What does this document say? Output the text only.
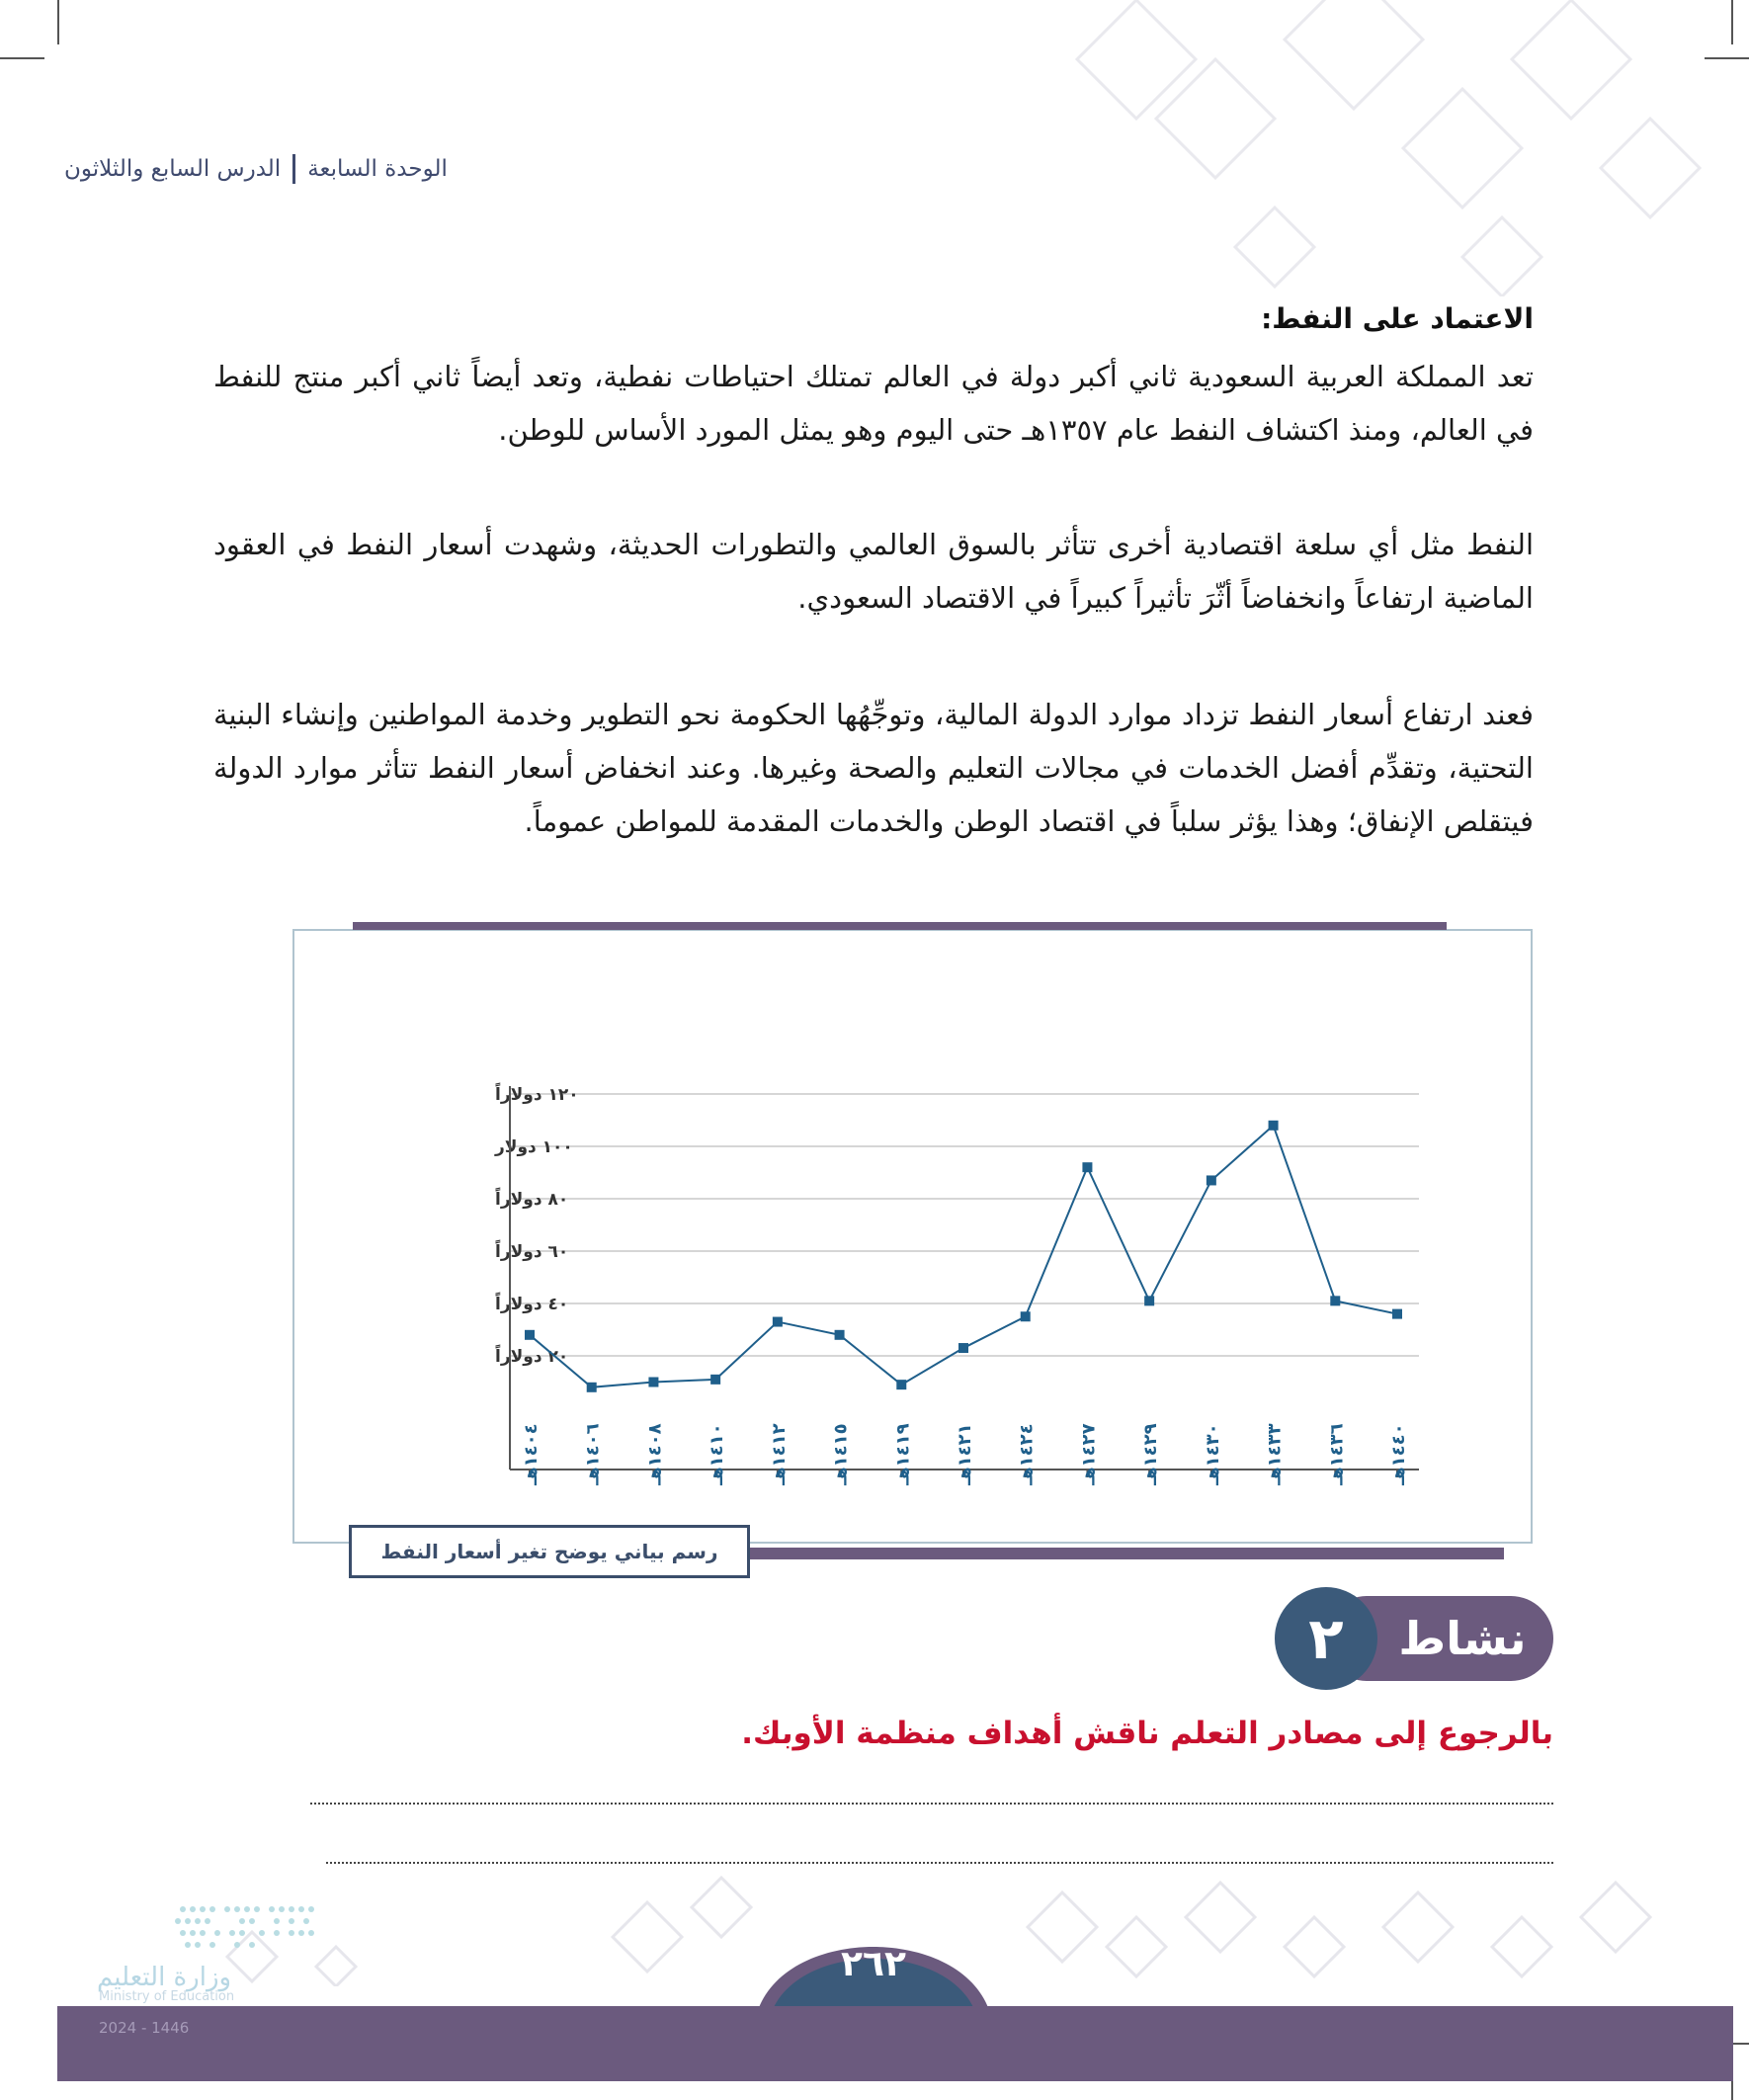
الوحدة السابعة
الدرس السابع والثلاثون
الاعتماد على النفط:
تعد المملكة العربية السعودية ثاني أكبر دولة في العالم تمتلك احتياطات نفطية، وتعد أيضاً ثاني أكبر منتج للنفط في العالم، ومنذ اكتشاف النفط عام ١٣٥٧هـ حتى اليوم وهو يمثل المورد الأساس للوطن.
النفط مثل أي سلعة اقتصادية أخرى تتأثر بالسوق العالمي والتطورات الحديثة، وشهدت أسعار النفط في العقود الماضية ارتفاعاً وانخفاضاً أثّرَ تأثيراً كبيراً في الاقتصاد السعودي.
فعند ارتفاع أسعار النفط تزداد موارد الدولة المالية، وتوجِّهُها الحكومة نحو التطوير وخدمة المواطنين وإنشاء البنية التحتية، وتقدِّم أفضل الخدمات في مجالات التعليم والصحة وغيرها. وعند انخفاض أسعار النفط تتأثر موارد الدولة فيتقلص الإنفاق؛ وهذا يؤثر سلباً في اقتصاد الوطن والخدمات المقدمة للمواطن عموماً.
٢٠ دولاراً
٤٠ دولاراً
٦٠ دولاراً
٨٠ دولاراً
١٠٠ دولار
١٢٠ دولاراً
١٤٠٤هـ
١٤٠٦هـ
١٤٠٨هـ
١٤١٠هـ
١٤١٢هـ
١٤١٥هـ
١٤١٩هـ
١٤٢١هـ
١٤٢٤هـ
١٤٢٧هـ
١٤٢٩هـ
١٤٣٠هـ
١٤٣٣هـ
١٤٣٦هـ
١٤٤٠هـ
رسم بياني يوضح تغير أسعار النفط
نشاط
٢
بالرجوع إلى مصادر التعلم ناقش أهداف منظمة الأوبك.
وزارة التعليم
Ministry of Education
٢٦٢
2024 - 1446
